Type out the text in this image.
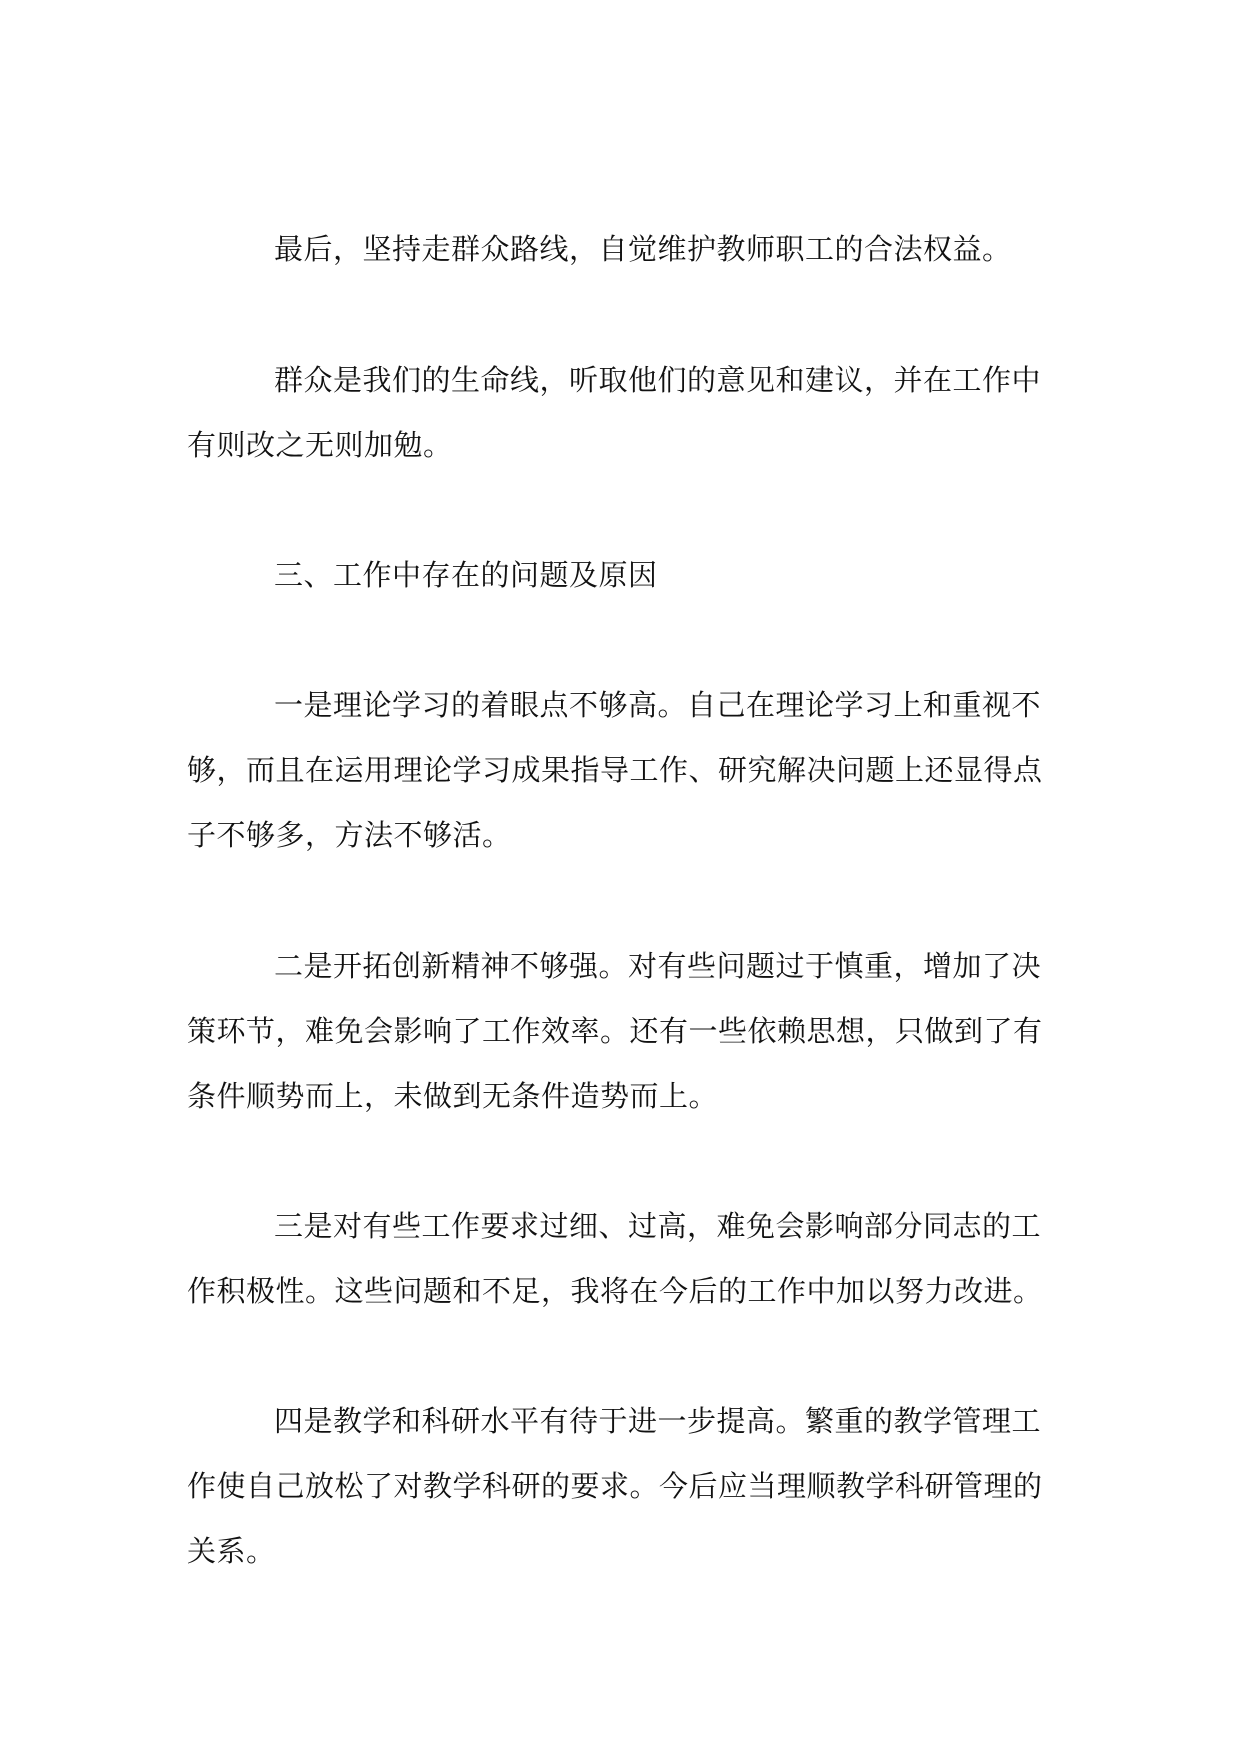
最后，坚持走群众路线，自觉维护教师职工的合法权益。

群众是我们的生命线，听取他们的意见和建议，并在工作中有则改之无则加勉。

三、工作中存在的问题及原因

一是理论学习的着眼点不够高。自己在理论学习上和重视不够，而且在运用理论学习成果指导工作、研究解决问题上还显得点子不够多，方法不够活。

二是开拓创新精神不够强。对有些问题过于慎重，增加了决策环节，难免会影响了工作效率。还有一些依赖思想，只做到了有条件顺势而上，未做到无条件造势而上。

三是对有些工作要求过细、过高，难免会影响部分同志的工作积极性。这些问题和不足，我将在今后的工作中加以努力改进。

四是教学和科研水平有待于进一步提高。繁重的教学管理工作使自己放松了对教学科研的要求。今后应当理顺教学科研管理的关系。
